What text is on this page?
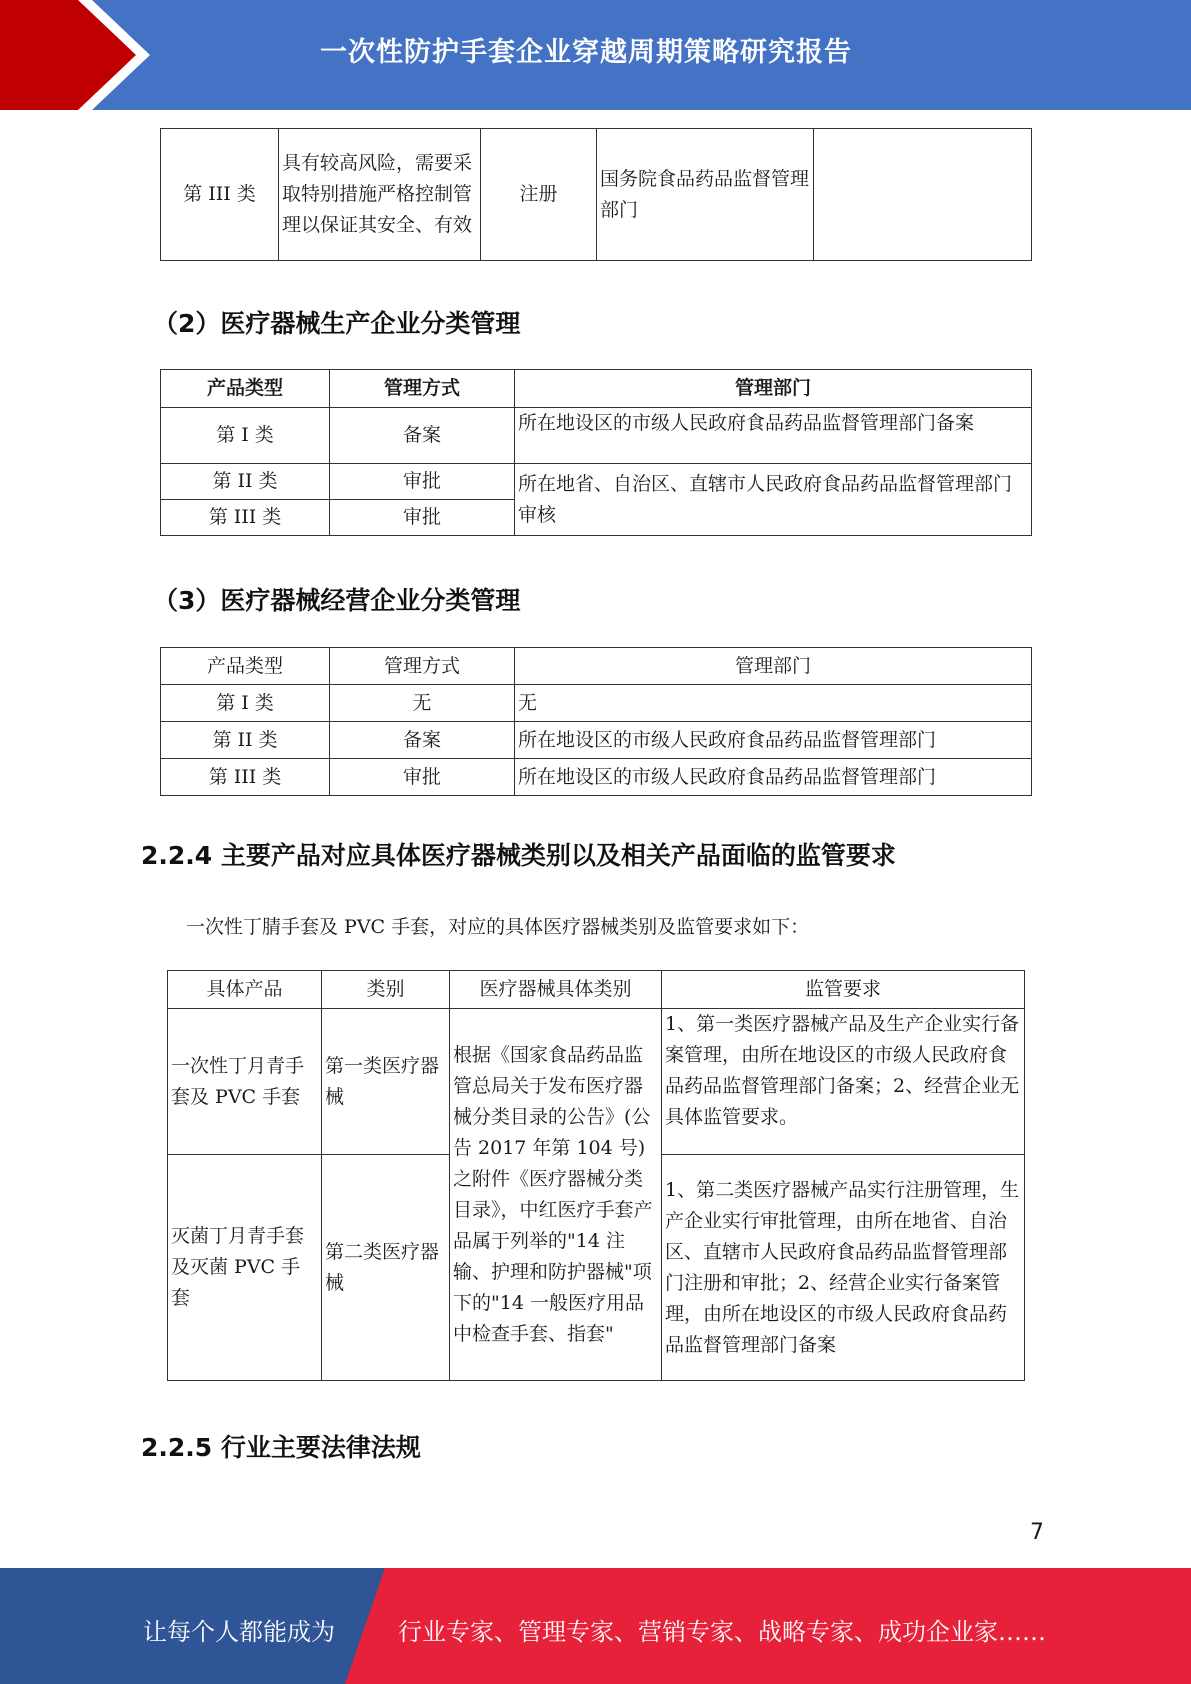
一次性防护手套企业穿越周期策略研究报告
第 III 类	具有较高风险，需要采取特别措施严格控制管理以保证其安全、有效	注册	国务院食品药品监督管理部门	
（2）医疗器械生产企业分类管理
产品类型	管理方式	管理部门
第 I 类	备案	所在地设区的市级人民政府食品药品监督管理部门备案
第 II 类	审批	所在地省、自治区、直辖市人民政府食品药品监督管理部门审核
第 III 类	审批	
（3）医疗器械经营企业分类管理
产品类型	管理方式	管理部门
第 I 类	无	无
第 II 类	备案	所在地设区的市级人民政府食品药品监督管理部门
第 III 类	审批	所在地设区的市级人民政府食品药品监督管理部门
2.2.4 主要产品对应具体医疗器械类别以及相关产品面临的监管要求
一次性丁腈手套及 PVC 手套，对应的具体医疗器械类别及监管要求如下：
具体产品	类别	医疗器械具体类别	监管要求
一次性丁月青手套及 PVC 手套	第一类医疗器械	根据《国家食品药品监管总局关于发布医疗器械分类目录的公告》(公告 2017 年第 104 号)之附件《医疗器械分类目录》，中红医疗手套产品属于列举的"14 注输、护理和防护器械"项下的"14 一般医疗用品中检查手套、指套"	1、第一类医疗器械产品及生产企业实行备案管理，由所在地设区的市级人民政府食品药品监督管理部门备案；2、经营企业无具体监管要求。
灭菌丁月青手套及灭菌 PVC 手套	第二类医疗器械		1、第二类医疗器械产品实行注册管理，生产企业实行审批管理，由所在地省、自治区、直辖市人民政府食品药品监督管理部门注册和审批；2、经营企业实行备案管理，由所在地设区的市级人民政府食品药品监督管理部门备案
2.2.5 行业主要法律法规
7
让每个人都能成为	行业专家、管理专家、营销专家、战略专家、成功企业家……
